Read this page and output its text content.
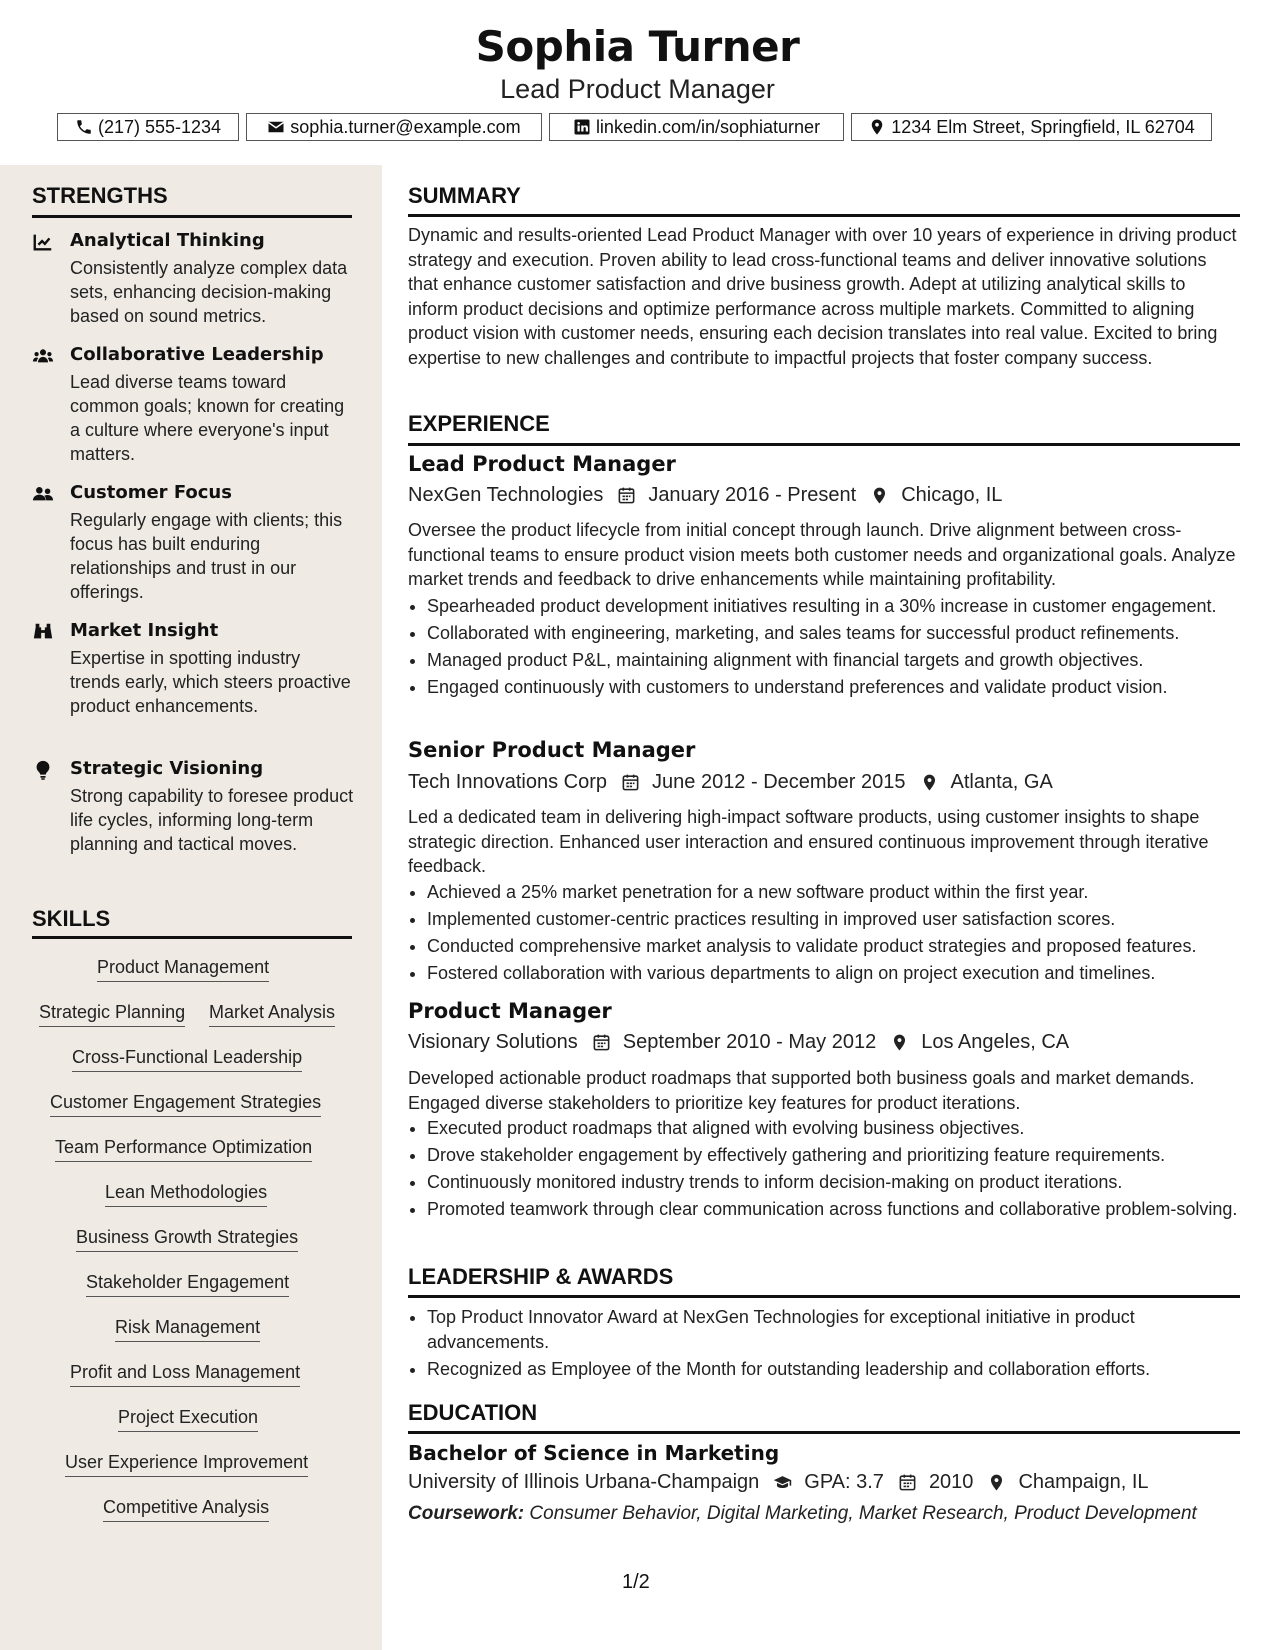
Sophia Turner
Lead Product Manager
(217) 555-1234	sophia.turner@example.com	linkedin.com/in/sophiaturner	1234 Elm Street, Springfield, IL 62704
STRENGTHS
Analytical Thinking
Consistently analyze complex data sets, enhancing decision-making based on sound metrics.
Collaborative Leadership
Lead diverse teams toward common goals; known for creating a culture where everyone's input matters.
Customer Focus
Regularly engage with clients; this focus has built enduring relationships and trust in our offerings.
Market Insight
Expertise in spotting industry trends early, which steers proactive product enhancements.
Strategic Visioning
Strong capability to foresee product life cycles, informing long-term planning and tactical moves.
SKILLS
Product Management
Strategic Planning Market Analysis
Cross-Functional Leadership
Customer Engagement Strategies
Team Performance Optimization
Lean Methodologies
Business Growth Strategies
Stakeholder Engagement
Risk Management
Profit and Loss Management
Project Execution
User Experience Improvement
Competitive Analysis
SUMMARY
Dynamic and results-oriented Lead Product Manager with over 10 years of experience in driving product strategy and execution. Proven ability to lead cross-functional teams and deliver innovative solutions that enhance customer satisfaction and drive business growth. Adept at utilizing analytical skills to inform product decisions and optimize performance across multiple markets. Committed to aligning product vision with customer needs, ensuring each decision translates into real value. Excited to bring expertise to new challenges and contribute to impactful projects that foster company success.
EXPERIENCE
Lead Product Manager
NexGen Technologies January 2016 - Present Chicago, IL
Oversee the product lifecycle from initial concept through launch. Drive alignment between cross-functional teams to ensure product vision meets both customer needs and organizational goals. Analyze market trends and feedback to drive enhancements while maintaining profitability.
• Spearheaded product development initiatives resulting in a 30% increase in customer engagement.
• Collaborated with engineering, marketing, and sales teams for successful product refinements.
• Managed product P&L, maintaining alignment with financial targets and growth objectives.
• Engaged continuously with customers to understand preferences and validate product vision.
Senior Product Manager
Tech Innovations Corp June 2012 - December 2015 Atlanta, GA
Led a dedicated team in delivering high-impact software products, using customer insights to shape strategic direction. Enhanced user interaction and ensured continuous improvement through iterative feedback.
• Achieved a 25% market penetration for a new software product within the first year.
• Implemented customer-centric practices resulting in improved user satisfaction scores.
• Conducted comprehensive market analysis to validate product strategies and proposed features.
• Fostered collaboration with various departments to align on project execution and timelines.
Product Manager
Visionary Solutions September 2010 - May 2012 Los Angeles, CA
Developed actionable product roadmaps that supported both business goals and market demands. Engaged diverse stakeholders to prioritize key features for product iterations.
• Executed product roadmaps that aligned with evolving business objectives.
• Drove stakeholder engagement by effectively gathering and prioritizing feature requirements.
• Continuously monitored industry trends to inform decision-making on product iterations.
• Promoted teamwork through clear communication across functions and collaborative problem-solving.
LEADERSHIP & AWARDS
• Top Product Innovator Award at NexGen Technologies for exceptional initiative in product advancements.
• Recognized as Employee of the Month for outstanding leadership and collaboration efforts.
EDUCATION
Bachelor of Science in Marketing
University of Illinois Urbana-Champaign GPA: 3.7 2010 Champaign, IL
Coursework: Consumer Behavior, Digital Marketing, Market Research, Product Development
1/2
